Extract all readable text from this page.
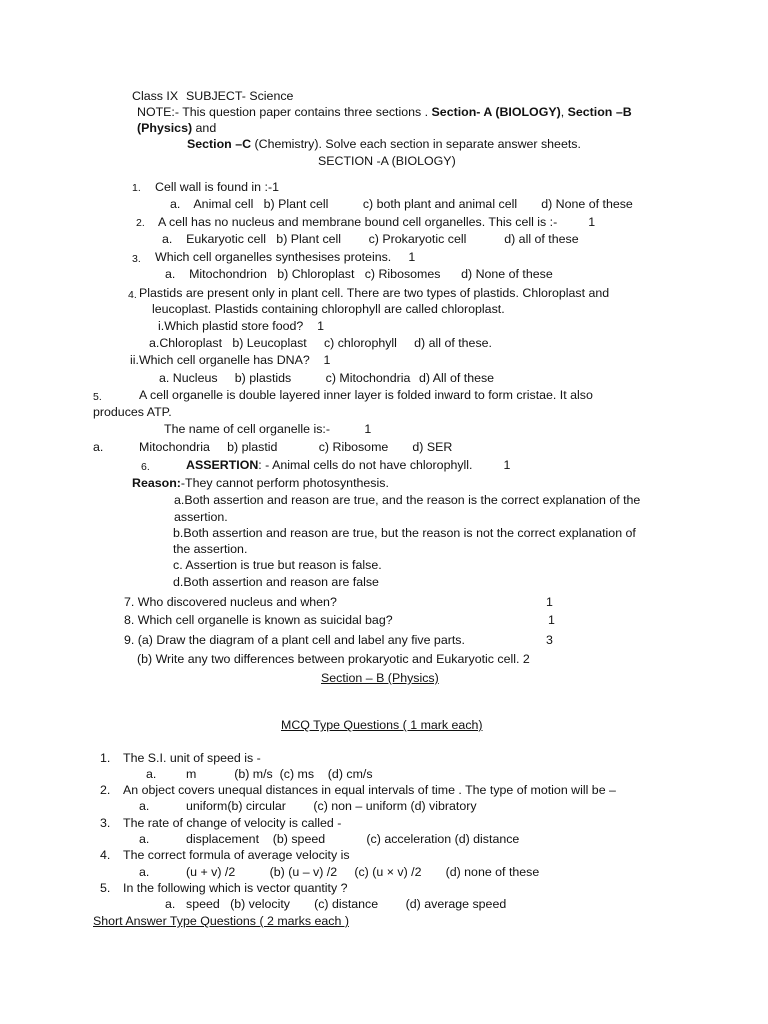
Class IX SUBJECT- Science
NOTE:- This question paper contains three sections . Section- A (BIOLOGY), Section –B
(Physics) and
Section –C (Chemistry). Solve each section in separate answer sheets.
SECTION -A (BIOLOGY)
1. Cell wall is found in :-1
a.    Animal cell   b) Plant cell          c) both plant and animal cell       d) None of these
2. A cell has no nucleus and membrane bound cell organelles. This cell is :-         1
a.    Eukaryotic cell   b) Plant cell        c) Prokaryotic cell           d) all of these
3. Which cell organelles synthesises proteins.     1
a.    Mitochondrion   b) Chloroplast   c) Ribosomes      d) None of these
4. Plastids are present only in plant cell. There are two types of plastids. Chloroplast and
leucoplast. Plastids containing chlorophyll are called chloroplast.
i.Which plastid store food?    1
a.Chloroplast   b) Leucoplast     c) chlorophyll     d) all of these.
ii.Which cell organelle has DNA?    1
a. Nucleus     b) plastids          c) Mitochondria d) All of these
5.	A cell organelle is double layered inner layer is folded inward to form cristae. It also
produces ATP.
The name of cell organelle is:-          1
a.	Mitochondria     b) plastid            c) Ribosome       d) SER
6.	ASSERTION: - Animal cells do not have chlorophyll.         1
Reason:-They cannot perform photosynthesis.
a.Both assertion and reason are true, and the reason is the correct explanation of the
assertion.
b.Both assertion and reason are true, but the reason is not the correct explanation of
the assertion.
c. Assertion is true but reason is false.
d.Both assertion and reason are false
7. Who discovered nucleus and when?	1
8. Which cell organelle is known as suicidal bag?	1
9. (a) Draw the diagram of a plant cell and label any five parts.	3
(b) Write any two differences between prokaryotic and Eukaryotic cell. 2
Section – B (Physics)
MCQ Type Questions ( 1 mark each)
1. The S.I. unit of speed is -
a. m           (b) m/s  (c) ms    (d) cm/s
2. An object covers unequal distances in equal intervals of time . The type of motion will be –
a.	uniform(b) circular        (c) non – uniform (d) vibratory
3. The rate of change of velocity is called -
a.	displacement    (b) speed            (c) acceleration (d) distance
4. The correct formula of average velocity is
a.	(u + v) /2          (b) (u – v) /2     (c) (u × v) /2       (d) none of these
5. In the following which is vector quantity ?
a. speed   (b) velocity       (c) distance        (d) average speed
Short Answer Type Questions ( 2 marks each )
